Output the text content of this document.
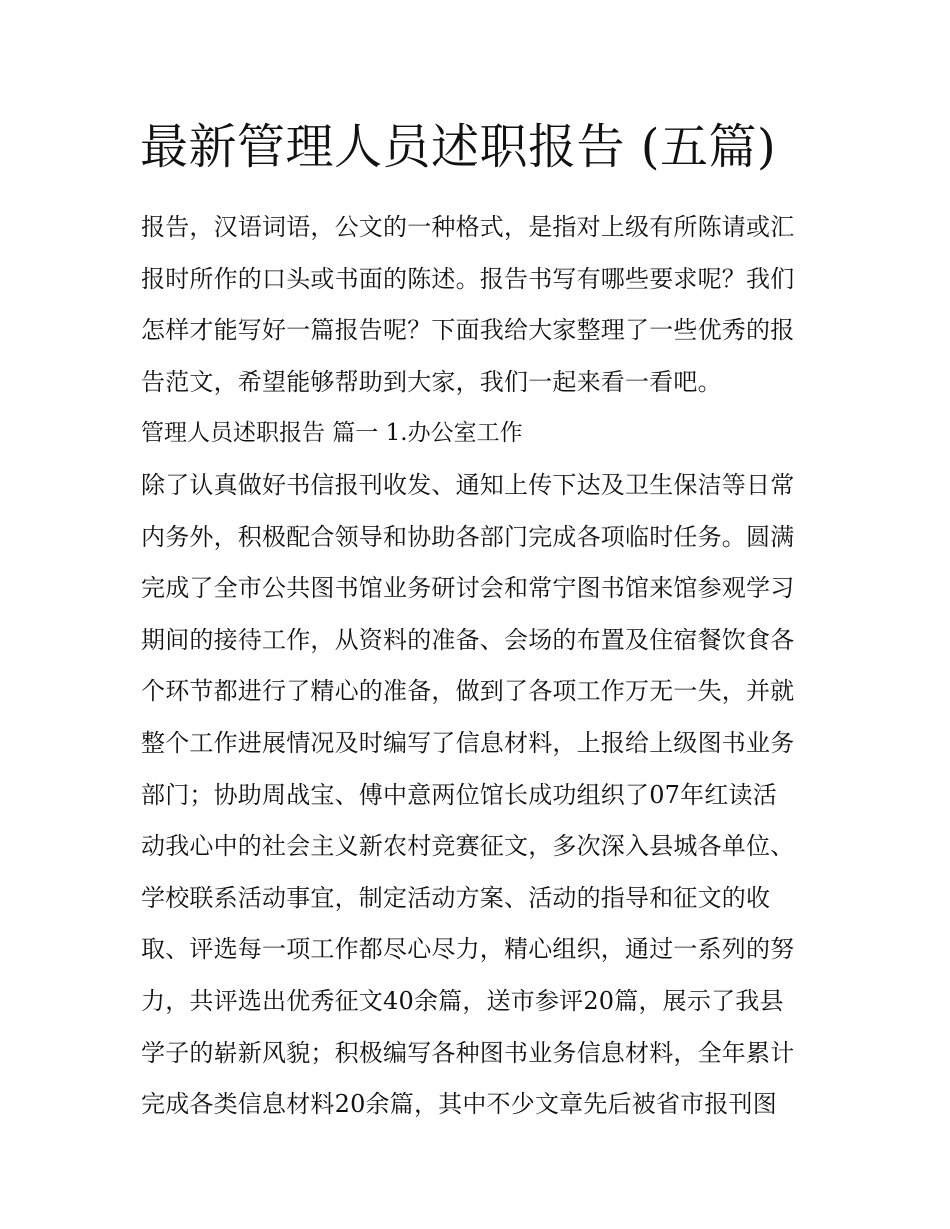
最新管理人员述职报告 (五篇)
报告，汉语词语，公文的一种格式，是指对上级有所陈请或汇
报时所作的口头或书面的陈述。报告书写有哪些要求呢？我们
怎样才能写好一篇报告呢？下面我给大家整理了一些优秀的报
告范文，希望能够帮助到大家，我们一起来看一看吧。
管理人员述职报告 篇一 1.办公室工作
除了认真做好书信报刊收发、通知上传下达及卫生保洁等日常
内务外，积极配合领导和协助各部门完成各项临时任务。圆满
完成了全市公共图书馆业务研讨会和常宁图书馆来馆参观学习
期间的接待工作，从资料的准备、会场的布置及住宿餐饮食各
个环节都进行了精心的准备，做到了各项工作万无一失，并就
整个工作进展情况及时编写了信息材料，上报给上级图书业务
部门；协助周战宝、傅中意两位馆长成功组织了07年红读活
动我心中的社会主义新农村竞赛征文，多次深入县城各单位、
学校联系活动事宜，制定活动方案、活动的指导和征文的收
取、评选每一项工作都尽心尽力，精心组织，通过一系列的努
力，共评选出优秀征文40余篇，送市参评20篇，展示了我县
学子的崭新风貌；积极编写各种图书业务信息材料，全年累计
完成各类信息材料20余篇，其中不少文章先后被省市报刊图
